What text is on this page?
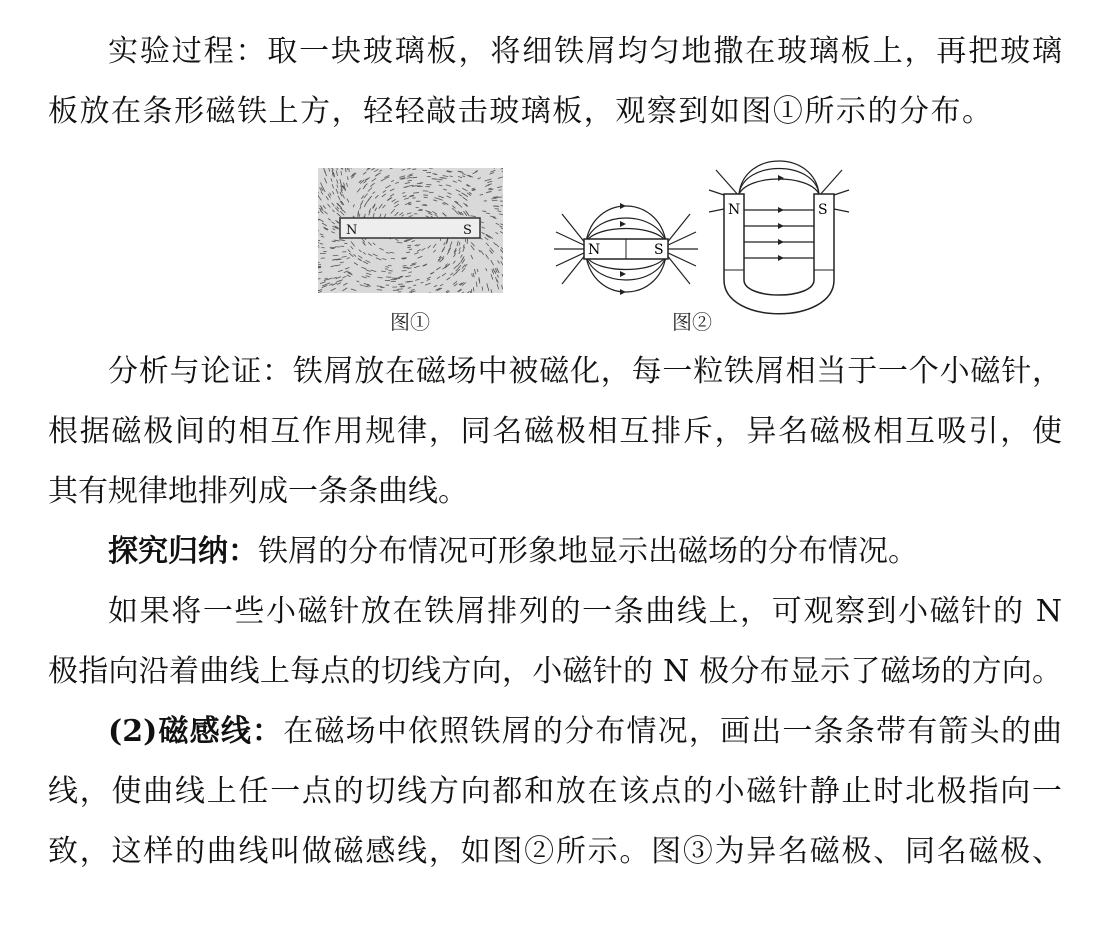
实验过程：取一块玻璃板，将细铁屑均匀地撒在玻璃板上，再把玻璃
板放在条形磁铁上方，轻轻敲击玻璃板，观察到如图①所示的分布。
N	S
图①
N	S
N	S
图②
分析与论证：铁屑放在磁场中被磁化，每一粒铁屑相当于一个小磁针，
根据磁极间的相互作用规律，同名磁极相互排斥，异名磁极相互吸引，使
其有规律地排列成一条条曲线。
探究归纳：铁屑的分布情况可形象地显示出磁场的分布情况。
如果将一些小磁针放在铁屑排列的一条曲线上，可观察到小磁针的 N
极指向沿着曲线上每点的切线方向，小磁针的 N 极分布显示了磁场的方向。
(2)磁感线：在磁场中依照铁屑的分布情况，画出一条条带有箭头的曲
线，使曲线上任一点的切线方向都和放在该点的小磁针静止时北极指向一
致，这样的曲线叫做磁感线，如图②所示。图③为异名磁极、同名磁极、
